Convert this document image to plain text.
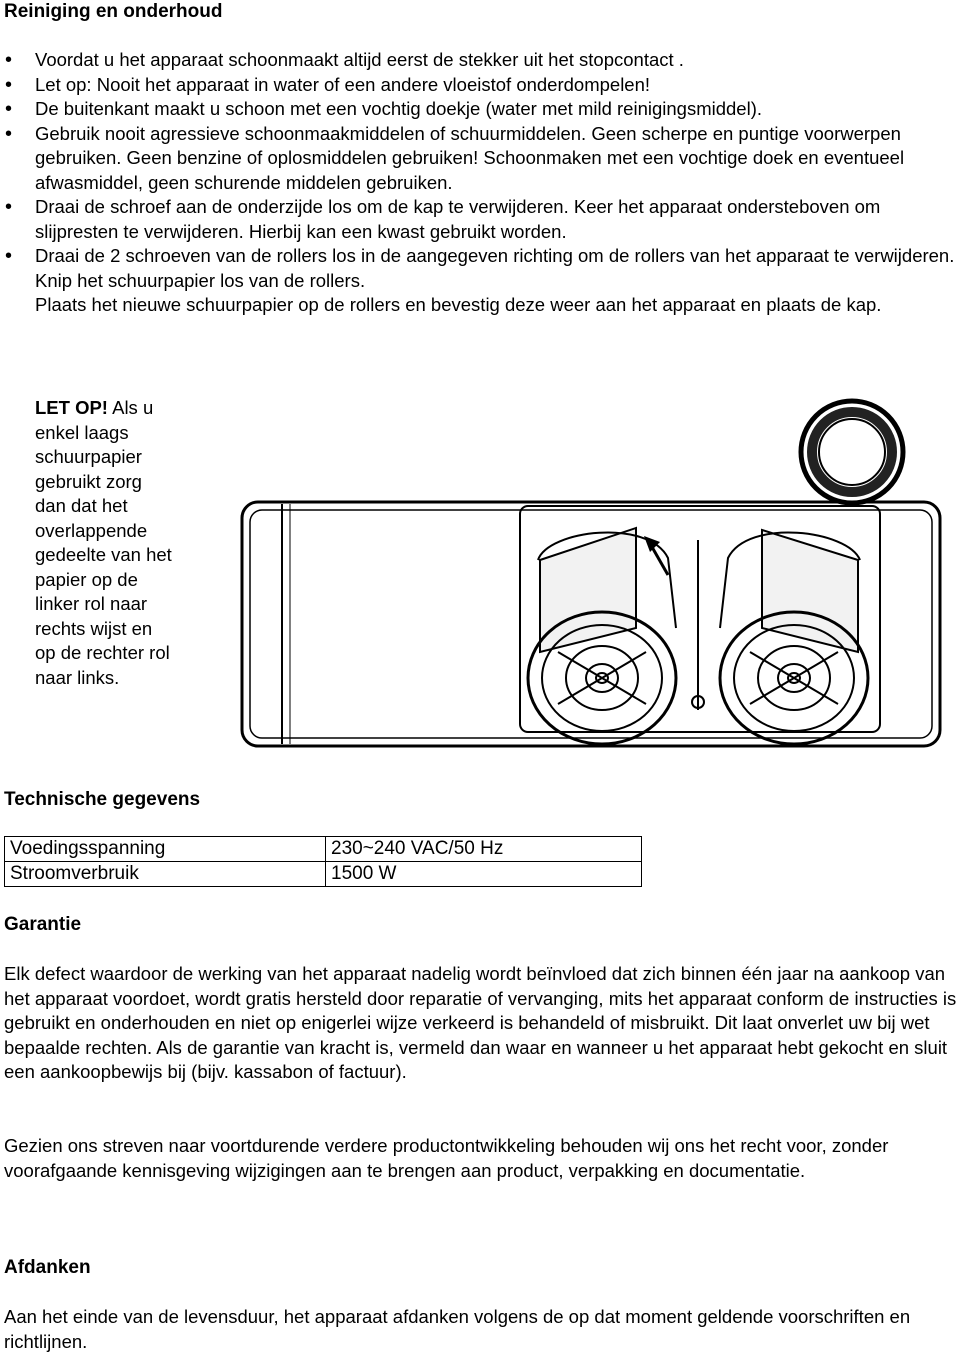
Reiniging en onderhoud
• Voordat u het apparaat schoonmaakt altijd eerst de stekker uit het stopcontact .
• Let op: Nooit het apparaat in water of een andere vloeistof onderdompelen!
• De buitenkant maakt u schoon met een vochtig doekje (water met mild reinigingsmiddel).
• Gebruik nooit agressieve schoonmaakmiddelen of schuurmiddelen. Geen scherpe en puntige voorwerpen gebruiken. Geen benzine of oplosmiddelen gebruiken! Schoonmaken met een vochtige doek en eventueel afwasmiddel, geen schurende middelen gebruiken.
• Draai de schroef aan de onderzijde los om de kap te verwijderen. Keer het apparaat ondersteboven om slijpresten te verwijderen. Hierbij kan een kwast gebruikt worden.
• Draai de 2 schroeven van de rollers los in de aangegeven richting om de rollers van het apparaat te verwijderen. Knip het schuurpapier los van de rollers.
Plaats het nieuwe schuurpapier op de rollers en bevestig deze weer aan het apparaat en plaats de kap.
LET OP! Als u enkel laags schuurpapier gebruikt zorg dan dat het overlappende gedeelte van het papier op de linker rol naar rechts wijst en op de rechter rol naar links.
Technische gegevens
Voedingsspanning	230~240 VAC/50 Hz
Stroomverbruik	1500 W
Garantie

Elk defect waardoor de werking van het apparaat nadelig wordt beïnvloed dat zich binnen één jaar na aankoop van het apparaat voordoet, wordt gratis hersteld door reparatie of vervanging, mits het apparaat conform de instructies is gebruikt en onderhouden en niet op enigerlei wijze verkeerd is behandeld of misbruikt. Dit laat onverlet uw bij wet bepaalde rechten. Als de garantie van kracht is, vermeld dan waar en wanneer u het apparaat hebt gekocht en sluit een aankoopbewijs bij (bijv. kassabon of factuur).

Gezien ons streven naar voortdurende verdere productontwikkeling behouden wij ons het recht voor, zonder voorafgaande kennisgeving wijzigingen aan te brengen aan product, verpakking en documentatie.

Afdanken

Aan het einde van de levensduur, het apparaat afdanken volgens de op dat moment geldende voorschriften en richtlijnen.
